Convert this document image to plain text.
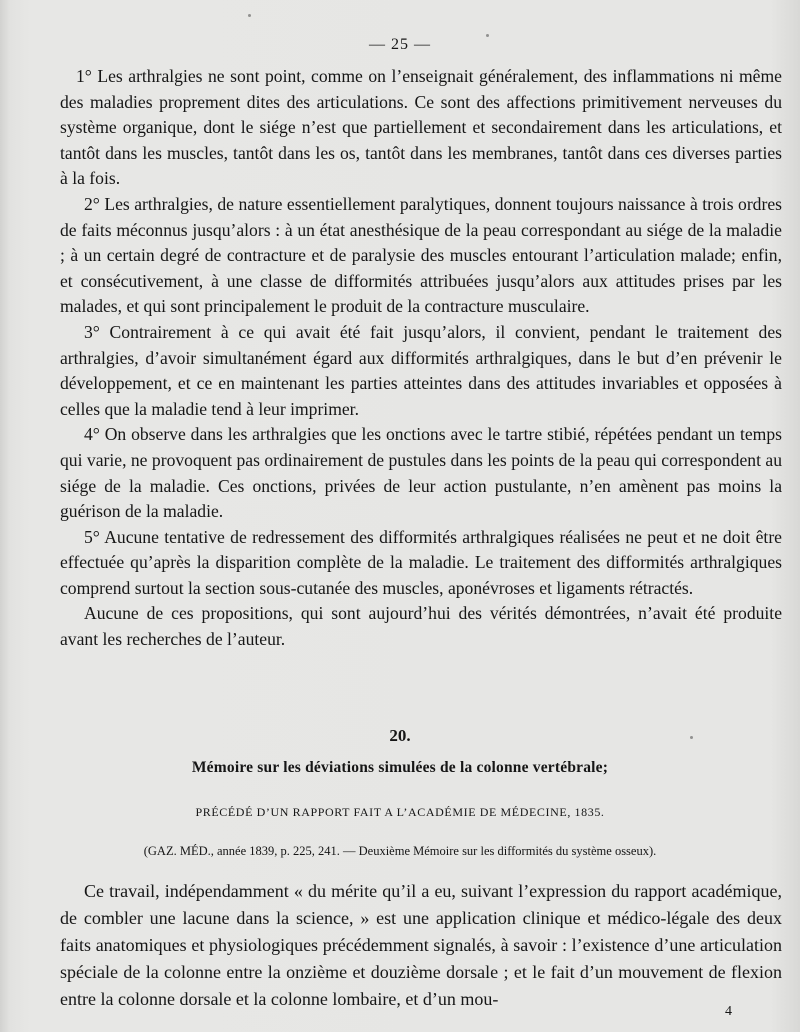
— 25 —

1° Les arthralgies ne sont point, comme on l’enseignait généralement, des inflammations ni même des maladies proprement dites des articulations. Ce sont des affections primitivement nerveuses du système organique, dont le siége n’est que partiellement et secondairement dans les articulations, et tantôt dans les muscles, tantôt dans les os, tantôt dans les membranes, tantôt dans ces diverses parties à la fois.

2° Les arthralgies, de nature essentiellement paralytiques, donnent toujours naissance à trois ordres de faits méconnus jusqu’alors : à un état anesthésique de la peau correspondant au siége de la maladie ; à un certain degré de contracture et de paralysie des muscles entourant l’articulation malade; enfin, et consécutivement, à une classe de difformités attribuées jusqu’alors aux attitudes prises par les malades, et qui sont principalement le produit de la contracture musculaire.

3° Contrairement à ce qui avait été fait jusqu’alors, il convient, pendant le traitement des arthralgies, d’avoir simultanément égard aux difformités arthralgiques, dans le but d’en prévenir le développement, et ce en maintenant les parties atteintes dans des attitudes invariables et opposées à celles que la maladie tend à leur imprimer.

4° On observe dans les arthralgies que les onctions avec le tartre stibié, répétées pendant un temps qui varie, ne provoquent pas ordinairement de pustules dans les points de la peau qui correspondent au siége de la maladie. Ces onctions, privées de leur action pustulante, n’en amènent pas moins la guérison de la maladie.

5° Aucune tentative de redressement des difformités arthralgiques réalisées ne peut et ne doit être effectuée qu’après la disparition complète de la maladie. Le traitement des difformités arthralgiques comprend surtout la section sous-cutanée des muscles, aponévroses et ligaments rétractés.

Aucune de ces propositions, qui sont aujourd’hui des vérités démontrées, n’avait été produite avant les recherches de l’auteur.

20.
Mémoire sur les déviations simulées de la colonne vertébrale;
PRÉCÉDÉ D’UN RAPPORT FAIT A L’ACADÉMIE DE MÉDECINE, 1835.
(GAZ. MÉD., année 1839, p. 225, 241. — Deuxième Mémoire sur les difformités du système osseux).

Ce travail, indépendamment « du mérite qu’il a eu, suivant l’expression du rapport académique, de combler une lacune dans la science, » est une application clinique et médico-légale des deux faits anatomiques et physiologiques précédemment signalés, à savoir : l’existence d’une articulation spéciale de la colonne entre la onzième et douzième dorsale ; et le fait d’un mouvement de flexion entre la colonne dorsale et la colonne lombaire, et d’un mou-

4
